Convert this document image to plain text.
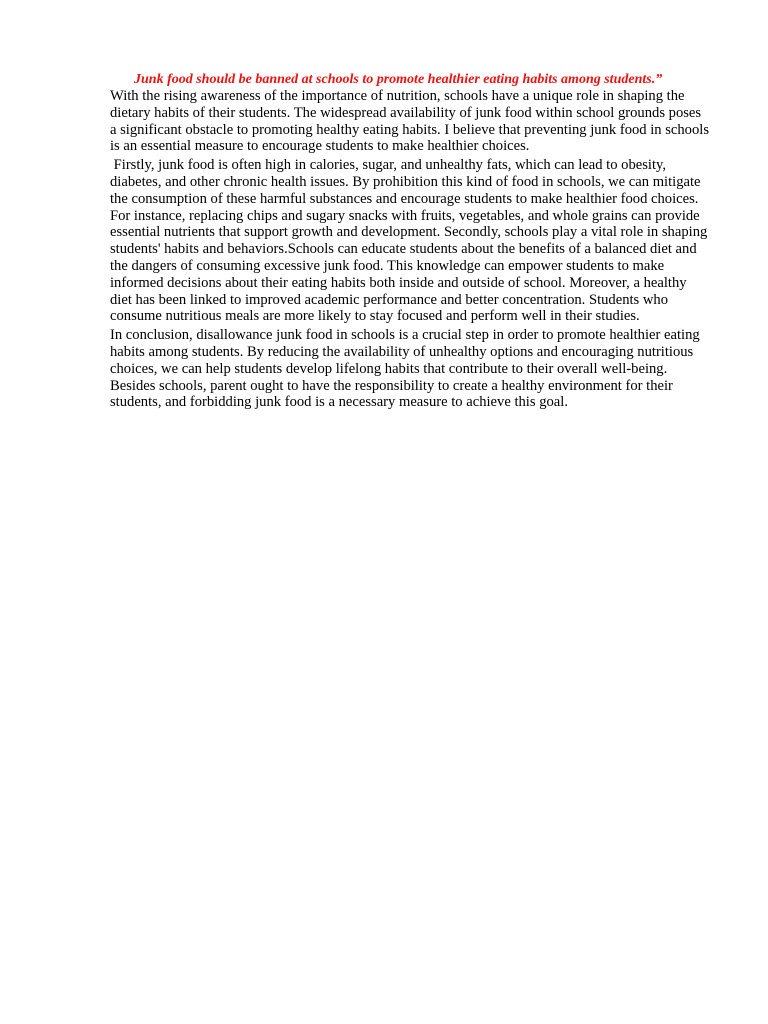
Junk food should be banned at schools to promote healthier eating habits among students.”

With the rising awareness of the importance of nutrition, schools have a unique role in shaping the dietary habits of their students. The widespread availability of junk food within school grounds poses a significant obstacle to promoting healthy eating habits. I believe that preventing junk food in schools is an essential measure to encourage students to make healthier choices.

Firstly, junk food is often high in calories, sugar, and unhealthy fats, which can lead to obesity, diabetes, and other chronic health issues. By prohibition this kind of food in schools, we can mitigate the consumption of these harmful substances and encourage students to make healthier food choices. For instance, replacing chips and sugary snacks with fruits, vegetables, and whole grains can provide essential nutrients that support growth and development. Secondly, schools play a vital role in shaping students' habits and behaviors.Schools can educate students about the benefits of a balanced diet and the dangers of consuming excessive junk food. This knowledge can empower students to make informed decisions about their eating habits both inside and outside of school. Moreover, a healthy diet has been linked to improved academic performance and better concentration. Students who consume nutritious meals are more likely to stay focused and perform well in their studies.

In conclusion, disallowance junk food in schools is a crucial step in order to promote healthier eating habits among students. By reducing the availability of unhealthy options and encouraging nutritious choices, we can help students develop lifelong habits that contribute to their overall well-being. Besides schools, parent ought to have the responsibility to create a healthy environment for their students, and forbidding junk food is a necessary measure to achieve this goal.
